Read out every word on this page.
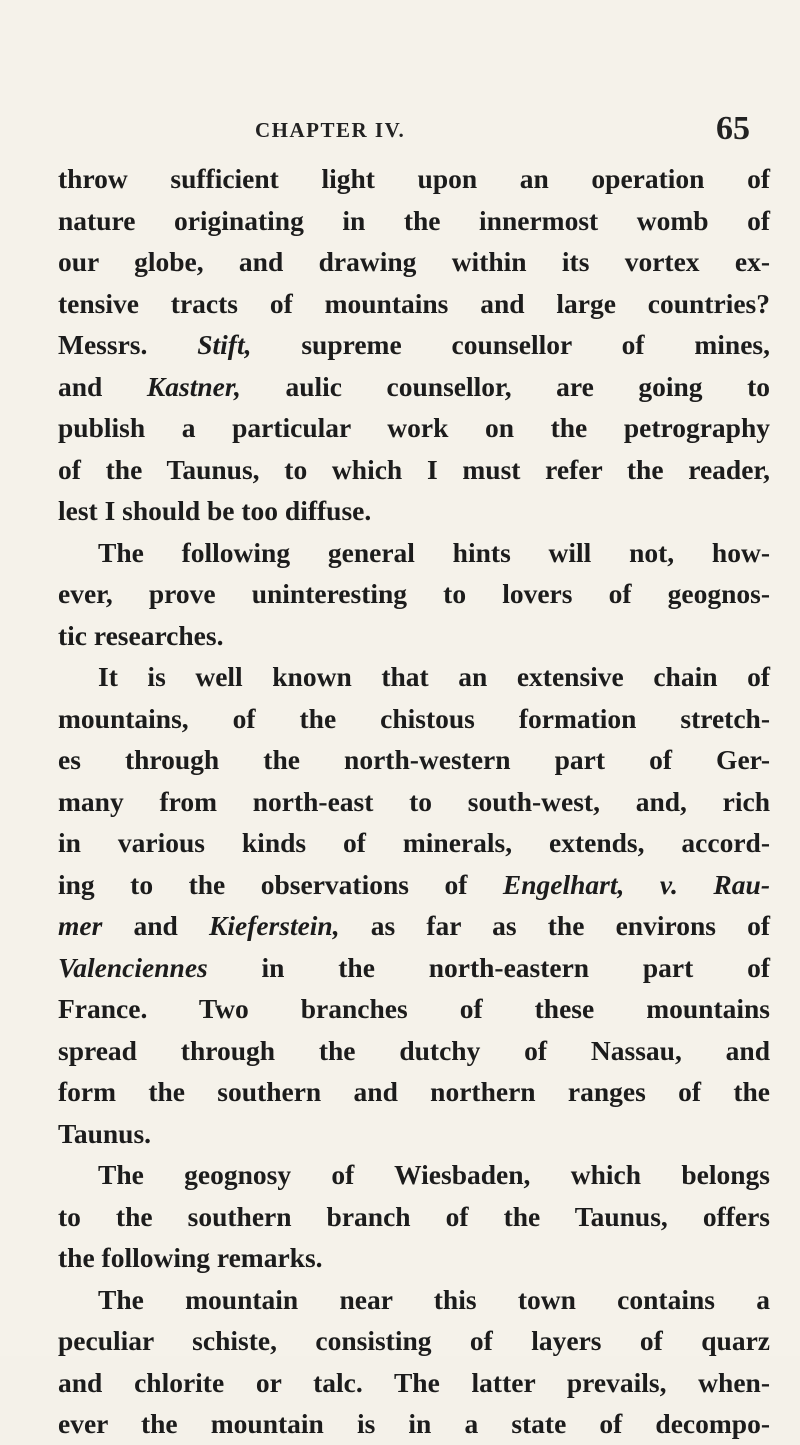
CHAPTER IV.	65
throw sufficient light upon an operation of
nature originating in the innermost womb of
our globe, and drawing within its vortex ex-
tensive tracts of mountains and large countries?
Messrs. Stift, supreme counsellor of mines,
and Kastner, aulic counsellor, are going to
publish a particular work on the petrography
of the Taunus, to which I must refer the reader,
lest I should be too diffuse.
The following general hints will not, how-
ever, prove uninteresting to lovers of geognos-
tic researches.
It is well known that an extensive chain of
mountains, of the chistous formation stretch-
es through the north-western part of Ger-
many from north-east to south-west, and, rich
in various kinds of minerals, extends, accord-
ing to the observations of Engelhart, v. Rau-
mer and Kieferstein, as far as the environs of
Valenciennes in the north-eastern part of
France. Two branches of these mountains
spread through the dutchy of Nassau, and
form the southern and northern ranges of the
Taunus.
The geognosy of Wiesbaden, which belongs
to the southern branch of the Taunus, offers
the following remarks.
The mountain near this town contains a
peculiar schiste, consisting of layers of quarz
and chlorite or talc. The latter prevails, when-
ever the mountain is in a state of decompo-
